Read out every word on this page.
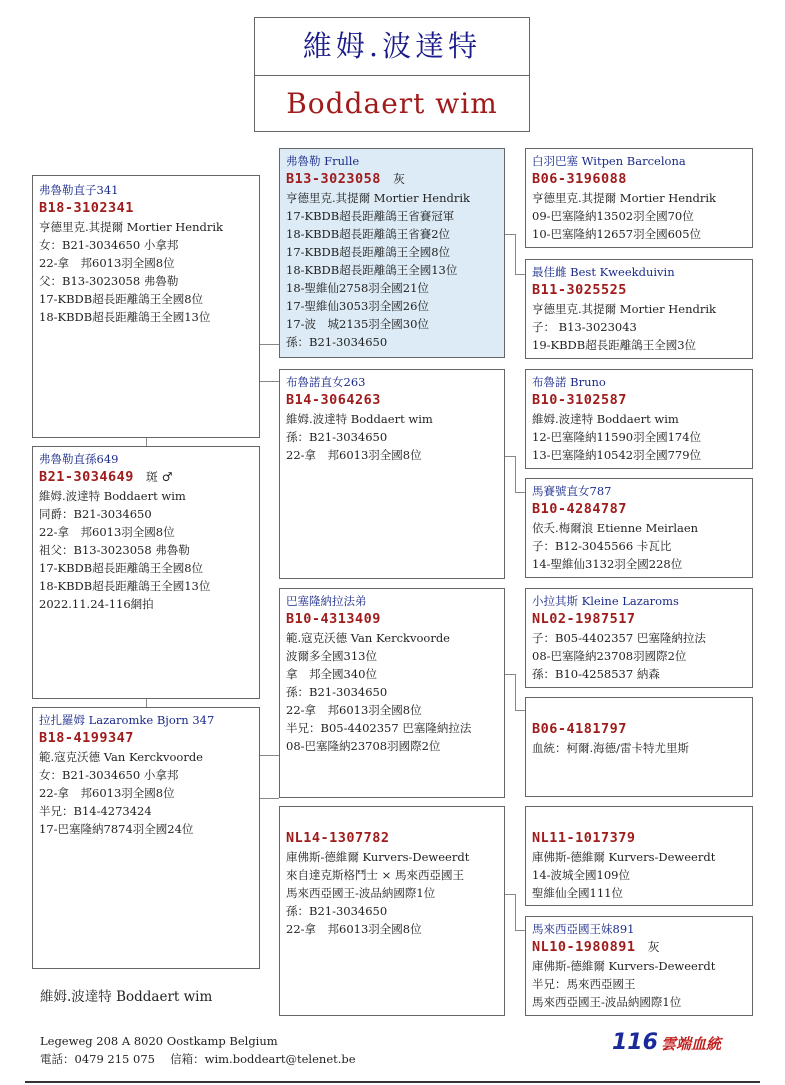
維姆.波達特
Boddaert wim
弗魯勒直子341
B18-3102341
亨德里克.其提爾 Mortier Hendrik
女：B21-3034650 小拿邦
22-拿　邦6013羽全國8位
父：B13-3023058 弗魯勒
17-KBDB超長距離鴿王全國8位
18-KBDB超長距離鴿王全國13位
弗魯勒直孫649
B21-3034649 斑 ♂
維姆.波達特 Boddaert wim
同爵：B21-3034650
22-拿　邦6013羽全國8位
祖父：B13-3023058 弗魯勒
17-KBDB超長距離鴿王全國8位
18-KBDB超長距離鴿王全國13位
2022.11.24-116網拍
拉扎羅姆 Lazaromke Bjorn 347
B18-4199347
範.寇克沃德 Van Kerckvoorde
女：B21-3034650 小拿邦
22-拿　邦6013羽全國8位
半兄：B14-4273424
17-巴塞隆納7874羽全國24位
弗魯勒 Frulle
B13-3023058 灰
亨德里克.其提爾 Mortier Hendrik
17-KBDB超長距離鴿王省賽冠軍
18-KBDB超長距離鴿王省賽2位
17-KBDB超長距離鴿王全國8位
18-KBDB超長距離鴿王全國13位
18-聖維仙2758羽全國21位
17-聖維仙3053羽全國26位
17-波　城2135羽全國30位
孫：B21-3034650
布魯諾直女263
B14-3064263
維姆.波達特 Boddaert wim
孫：B21-3034650
22-拿　邦6013羽全國8位
巴塞隆納拉法弟
B10-4313409
範.寇克沃德 Van Kerckvoorde
波爾多全國313位
拿　邦全國340位
孫：B21-3034650
22-拿　邦6013羽全國8位
半兄：B05-4402357 巴塞隆納拉法
08-巴塞隆納23708羽國際2位
NL14-1307782
庫佛斯-德維爾 Kurvers-Deweerdt
來自達克斯格鬥士 × 馬來西亞國王
馬來西亞國王-波品納國際1位
孫：B21-3034650
22-拿　邦6013羽全國8位
白羽巴塞 Witpen Barcelona
B06-3196088
亨德里克.其提爾 Mortier Hendrik
09-巴塞隆納13502羽全國70位
10-巴塞隆納12657羽全國605位
最佳雌 Best Kweekduivin
B11-3025525
亨德里克.其提爾 Mortier Hendrik
子： B13-3023043
19-KBDB超長距離鴿王全國3位
布魯諾 Bruno
B10-3102587
維姆.波達特 Boddaert wim
12-巴塞隆納11590羽全國174位
13-巴塞隆納10542羽全國779位
馬賽號直女787
B10-4284787
依夭.梅爾浪 Etienne Meirlaen
子：B12-3045566 卡瓦比
14-聖維仙3132羽全國228位
小拉其斯 Kleine Lazaroms
NL02-1987517
子：B05-4402357 巴塞隆納拉法
08-巴塞隆納23708羽國際2位
孫：B10-4258537 納森
B06-4181797
血統：柯爾.海德/雷卡特尤里斯
NL11-1017379
庫佛斯-德維爾 Kurvers-Deweerdt
14-波城全國109位
聖維仙全國111位
馬來西亞國王妹891
NL10-1980891 灰
庫佛斯-德維爾 Kurvers-Deweerdt
半兄：馬來西亞國王
馬來西亞國王-波品納國際1位
維姆.波達特 Boddaert wim
Legeweg 208 A 8020 Oostkamp Belgium
電話：0479 215 075　 信箱：wim.boddeart@telenet.be
116 雲端血統
